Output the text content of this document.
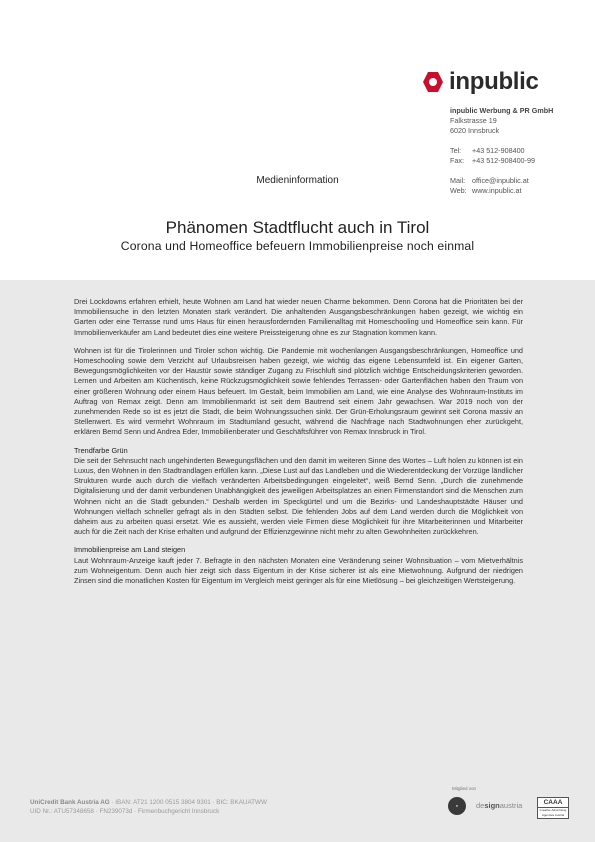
inpublic
inpublic Werbung & PR GmbH
Falkstrasse 19
6020 Innsbruck
Tel:	+43 512-908400
Fax:	+43 512-908400-99
Mail: office@inpublic.at
Web: www.inpublic.at
Medieninformation
Phänomen Stadtflucht auch in Tirol
Corona und Homeoffice befeuern Immobilienpreise noch einmal

Drei Lockdowns erfahren erhielt, heute Wohnen am Land hat wieder neuen Charme bekommen. Denn Corona hat die Prioritäten bei der Immobiliensuche in den letzten Monaten stark verändert. Die anhaltenden Ausgangsbeschränkungen haben gezeigt, wie wichtig ein Garten oder eine Terrasse rund ums Haus für einen herausfordernden Familienalltag mit Homeschooling und Homeoffice sein kann. Für Immobilienverkäufer am Land bedeutet dies eine weitere Preissteigerung ohne es zur Stagnation kommen kann.

Wohnen ist für die Tirolerinnen und Tiroler schon wichtig. Die Pandemie mit wochenlangen Ausgangsbeschränkungen, Homeoffice und Homeschooling sowie dem Verzicht auf Urlaubsreisen haben gezeigt, wie wichtig das eigene Lebensumfeld ist. Ein eigener Garten, Bewegungsmöglichkeiten vor der Haustür sowie ständiger Zugang zu Frischluft sind plötzlich wichtige Entscheidungskriterien geworden. Lernen und Arbeiten am Küchentisch, keine Rückzugsmöglichkeit sowie fehlendes Terrassen- oder Gartenflächen haben den Traum von einer größeren Wohnung oder einem Haus befeuert. Im Gestalt, beim Immobilien am Land, wie eine Analyse des Wohnraum-Instituts im Auftrag von Remax zeigt. Denn am Immobilienmarkt ist seit dem Bautrend seit einem Jahr gewachsen. War 2019 noch von der zunehmenden Rede so ist es jetzt die Stadt, die beim Wohnungssuchen sinkt. Der Grün-Erholungsraum gewinnt seit Corona massiv an Stellenwert. Es wird vermehrt Wohnraum im Stadtumland gesucht, während die Nachfrage nach Stadtwohnungen eher zurückgeht, erklären Bernd Senn und Andrea Eder, Immobilienberater und Geschäftsführer von Remax Innsbruck in Tirol.

Trendfarbe Grün

Die seit der Sehnsucht nach ungehinderten Bewegungsflächen und den damit im weiteren Sinne des Wortes – Luft holen zu können ist ein Luxus, den Wohnen in den Stadtrandlagen erfüllen kann. „Diese Lust auf das Landleben und die Wiederentdeckung der Vorzüge ländlicher Strukturen wurde auch durch die vielfach veränderten Arbeitsbedingungen eingeleitet“, weiß Bernd Senn. „Durch die zunehmende Digitalisierung und der damit verbundenen Unabhängigkeit des jeweiligen Arbeitsplatzes an einen Firmenstandort sind die Menschen zum Wohnen nicht an die Stadt gebunden.“ Deshalb werden im Speckgürtel und um die Bezirks- und Landeshauptstädte Häuser und Wohnungen vielfach schneller gefragt als in den Städten selbst. Die fehlenden Jobs auf dem Land werden durch die Möglichkeit von daheim aus zu arbeiten quasi ersetzt. Wie es aussieht, werden viele Firmen diese Möglichkeit für ihre Mitarbeiterinnen und Mitarbeiter auch für die Zeit nach der Krise erhalten und aufgrund der Effizienzgewinne nicht mehr zu alten Gewohnheiten zurückkehren.

Immobilienpreise am Land steigen

Laut Wohnraum-Anzeige kauft jeder 7. Befragte in den nächsten Monaten eine Veränderung seiner Wohnsituation – vom Mietverhältnis zum Wohneigentum. Denn auch hier zeigt sich dass Eigentum in der Krise sicherer ist als eine Mietwohnung. Aufgrund der niedrigen Zinsen sind die monatlichen Kosten für Eigentum im Vergleich meist geringer als für eine Mietlösung – bei gleichzeitigen Wertsteigerung.

UniCredit Bank Austria AG · IBAN: AT21 1200 0515 3804 9301 · BIC: BKAUATWW
UID Nr.: ATU57348658 · FN239073d · Firmenbuchgericht Innsbruck
Mitglied von
●	designaustria	CAAA
Creative Advertising Agencies Austria
